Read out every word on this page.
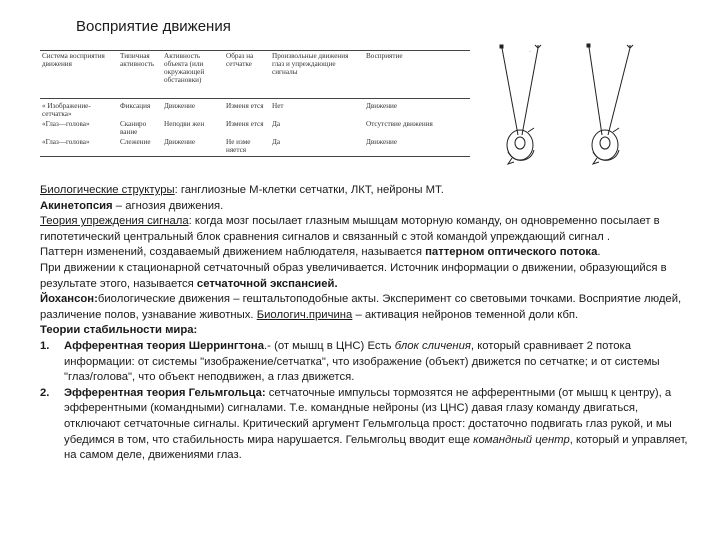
Восприятие движения
Система восприятия движения	Типичная активность	Активность объекта (или окружающей обстановки)	Образ на сетчатке	Произвольные движения глаз и упреждающие сигналы	Восприятие
« Изображение- сетчатка»	Фиксация	Движение	Изменя ется	Нет	Движение
«Глаз—голова»	Сканиро вание	Неподви жен	Изменя ется	Да	Отсутствие движения
«Глаз—голова»	Слежение	Движение	Не изме няется	Да	Движение
·

Биологические структуры: ганглиозные М-клетки сетчатки, ЛКТ, нейроны МТ.

Акинетопсия – агнозия движения.

Теория упреждения сигнала: когда мозг посылает глазным мышцам моторную команду, он одновременно посылает в гипотетический центральный блок сравнения сигналов и связанный с этой командой упреждающий сигнал .

Паттерн изменений, создаваемый движением наблюдателя, называется паттерном оптического потока.

При движении к стационарной сетчаточный образ увеличивается. Источник информации о движении, образующийся в результате этого, называется сетчаточной экспансией.

Йохансон:биологические движения – гештальтоподобные акты. Эксперимент со световыми точками. Восприятие людей, различение полов, узнавание животных. Биологич.причина – активация нейронов теменной доли кбп.

Теории стабильности мира:

1. Афферентная теория Шеррингтона.- (от мышц в ЦНС) Есть блок сличения, который сравнивает 2 потока информации: от системы "изображение/сетчатка", что изображение (объект) движется по сетчатке; и от системы "глаз/голова", что объект неподвижен, а глаз движется.
2. Эфферентная теория Гельмгольца: сетчаточные импульсы тормозятся не афферентными (от мышц к центру), а эфферентными (командными) сигналами. Т.е. командные нейроны (из ЦНС) давая глазу команду двигаться, отключают сетчаточные сигналы. Критический аргумент Гельмгольца прост: достаточно подвигать глаз рукой, и мы убедимся в том, что стабильность мира нарушается. Гельмгольц вводит еще командный центр, который и управляет, на самом деле, движениями глаз.
